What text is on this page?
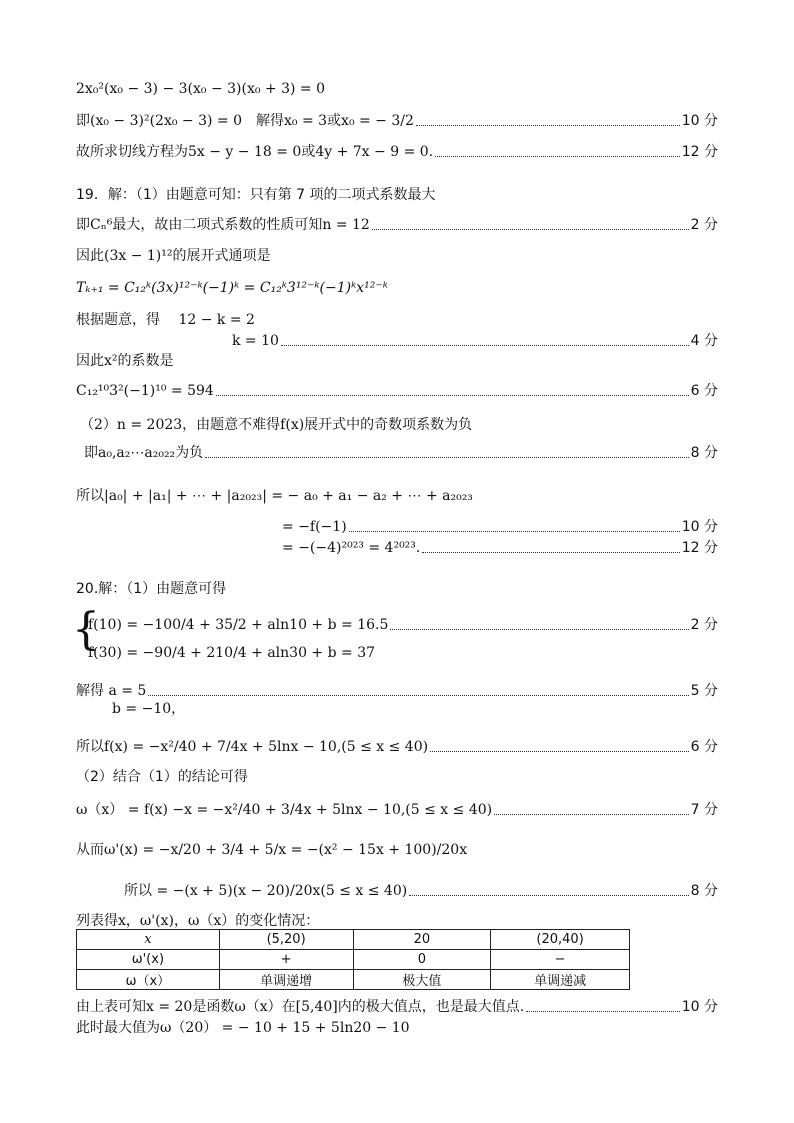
2x₀²(x₀ − 3) − 3(x₀ − 3)(x₀ + 3) = 0
即(x₀ − 3)²(2x₀ − 3) = 0　解得x₀ = 3或x₀ = − 3/2	10 分
故所求切线方程为5x − y − 18 = 0或4y + 7x − 9 = 0.	12 分
19．解：（1）由题意可知：只有第 7 项的二项式系数最大
即Cₙ⁶最大，故由二项式系数的性质可知n = 12	2 分
因此(3x − 1)¹²的展开式通项是
Tₖ₊₁ = C₁₂ᵏ(3x)¹²⁻ᵏ(−1)ᵏ = C₁₂ᵏ3¹²⁻ᵏ(−1)ᵏx¹²⁻ᵏ
根据题意，得　 12 − k = 2
k = 10	4 分
因此x²的系数是
C₁₂¹⁰3²(−1)¹⁰ = 594	6 分
（2）n = 2023，由题意不难得f(x)展开式中的奇数项系数为负
即a₀,a₂⋯a₂₀₂₂为负	8 分
所以|a₀| + |a₁| + ⋯ + |a₂₀₂₃| = − a₀ + a₁ − a₂ + ⋯ + a₂₀₂₃
= −f(−1)	10 分
= −(−4)²⁰²³ = 4²⁰²³.	12 分
20.解：（1）由题意可得
{
f(10) = −100/4 + 35/2 + aln10 + b = 16.5	2 分
f(30) = −90/4 + 210/4 + aln30 + b = 37
解得 a = 5	5 分
b = −10，
所以f(x) = −x²/40 + 7/4x + 5lnx − 10,(5 ≤ x ≤ 40)	6 分
（2）结合（1）的结论可得
ω（x） = f(x) −x = −x²/40 + 3/4x + 5lnx − 10,(5 ≤ x ≤ 40)	7 分
从而ω'(x) = −x/20 + 3/4 + 5/x = −(x² − 15x + 100)/20x
所以 = −(x + 5)(x − 20)/20x(5 ≤ x ≤ 40)	8 分
列表得x，ω'(x)，ω（x）的变化情况：
x	(5,20)	20	(20,40)
ω'(x)	+	0	−
ω（x）	单调递增	极大值	单调递减
由上表可知x = 20是函数ω（x）在[5,40]内的极大值点，也是最大值点.	10 分
此时最大值为ω（20） = − 10 + 15 + 5ln20 − 10
